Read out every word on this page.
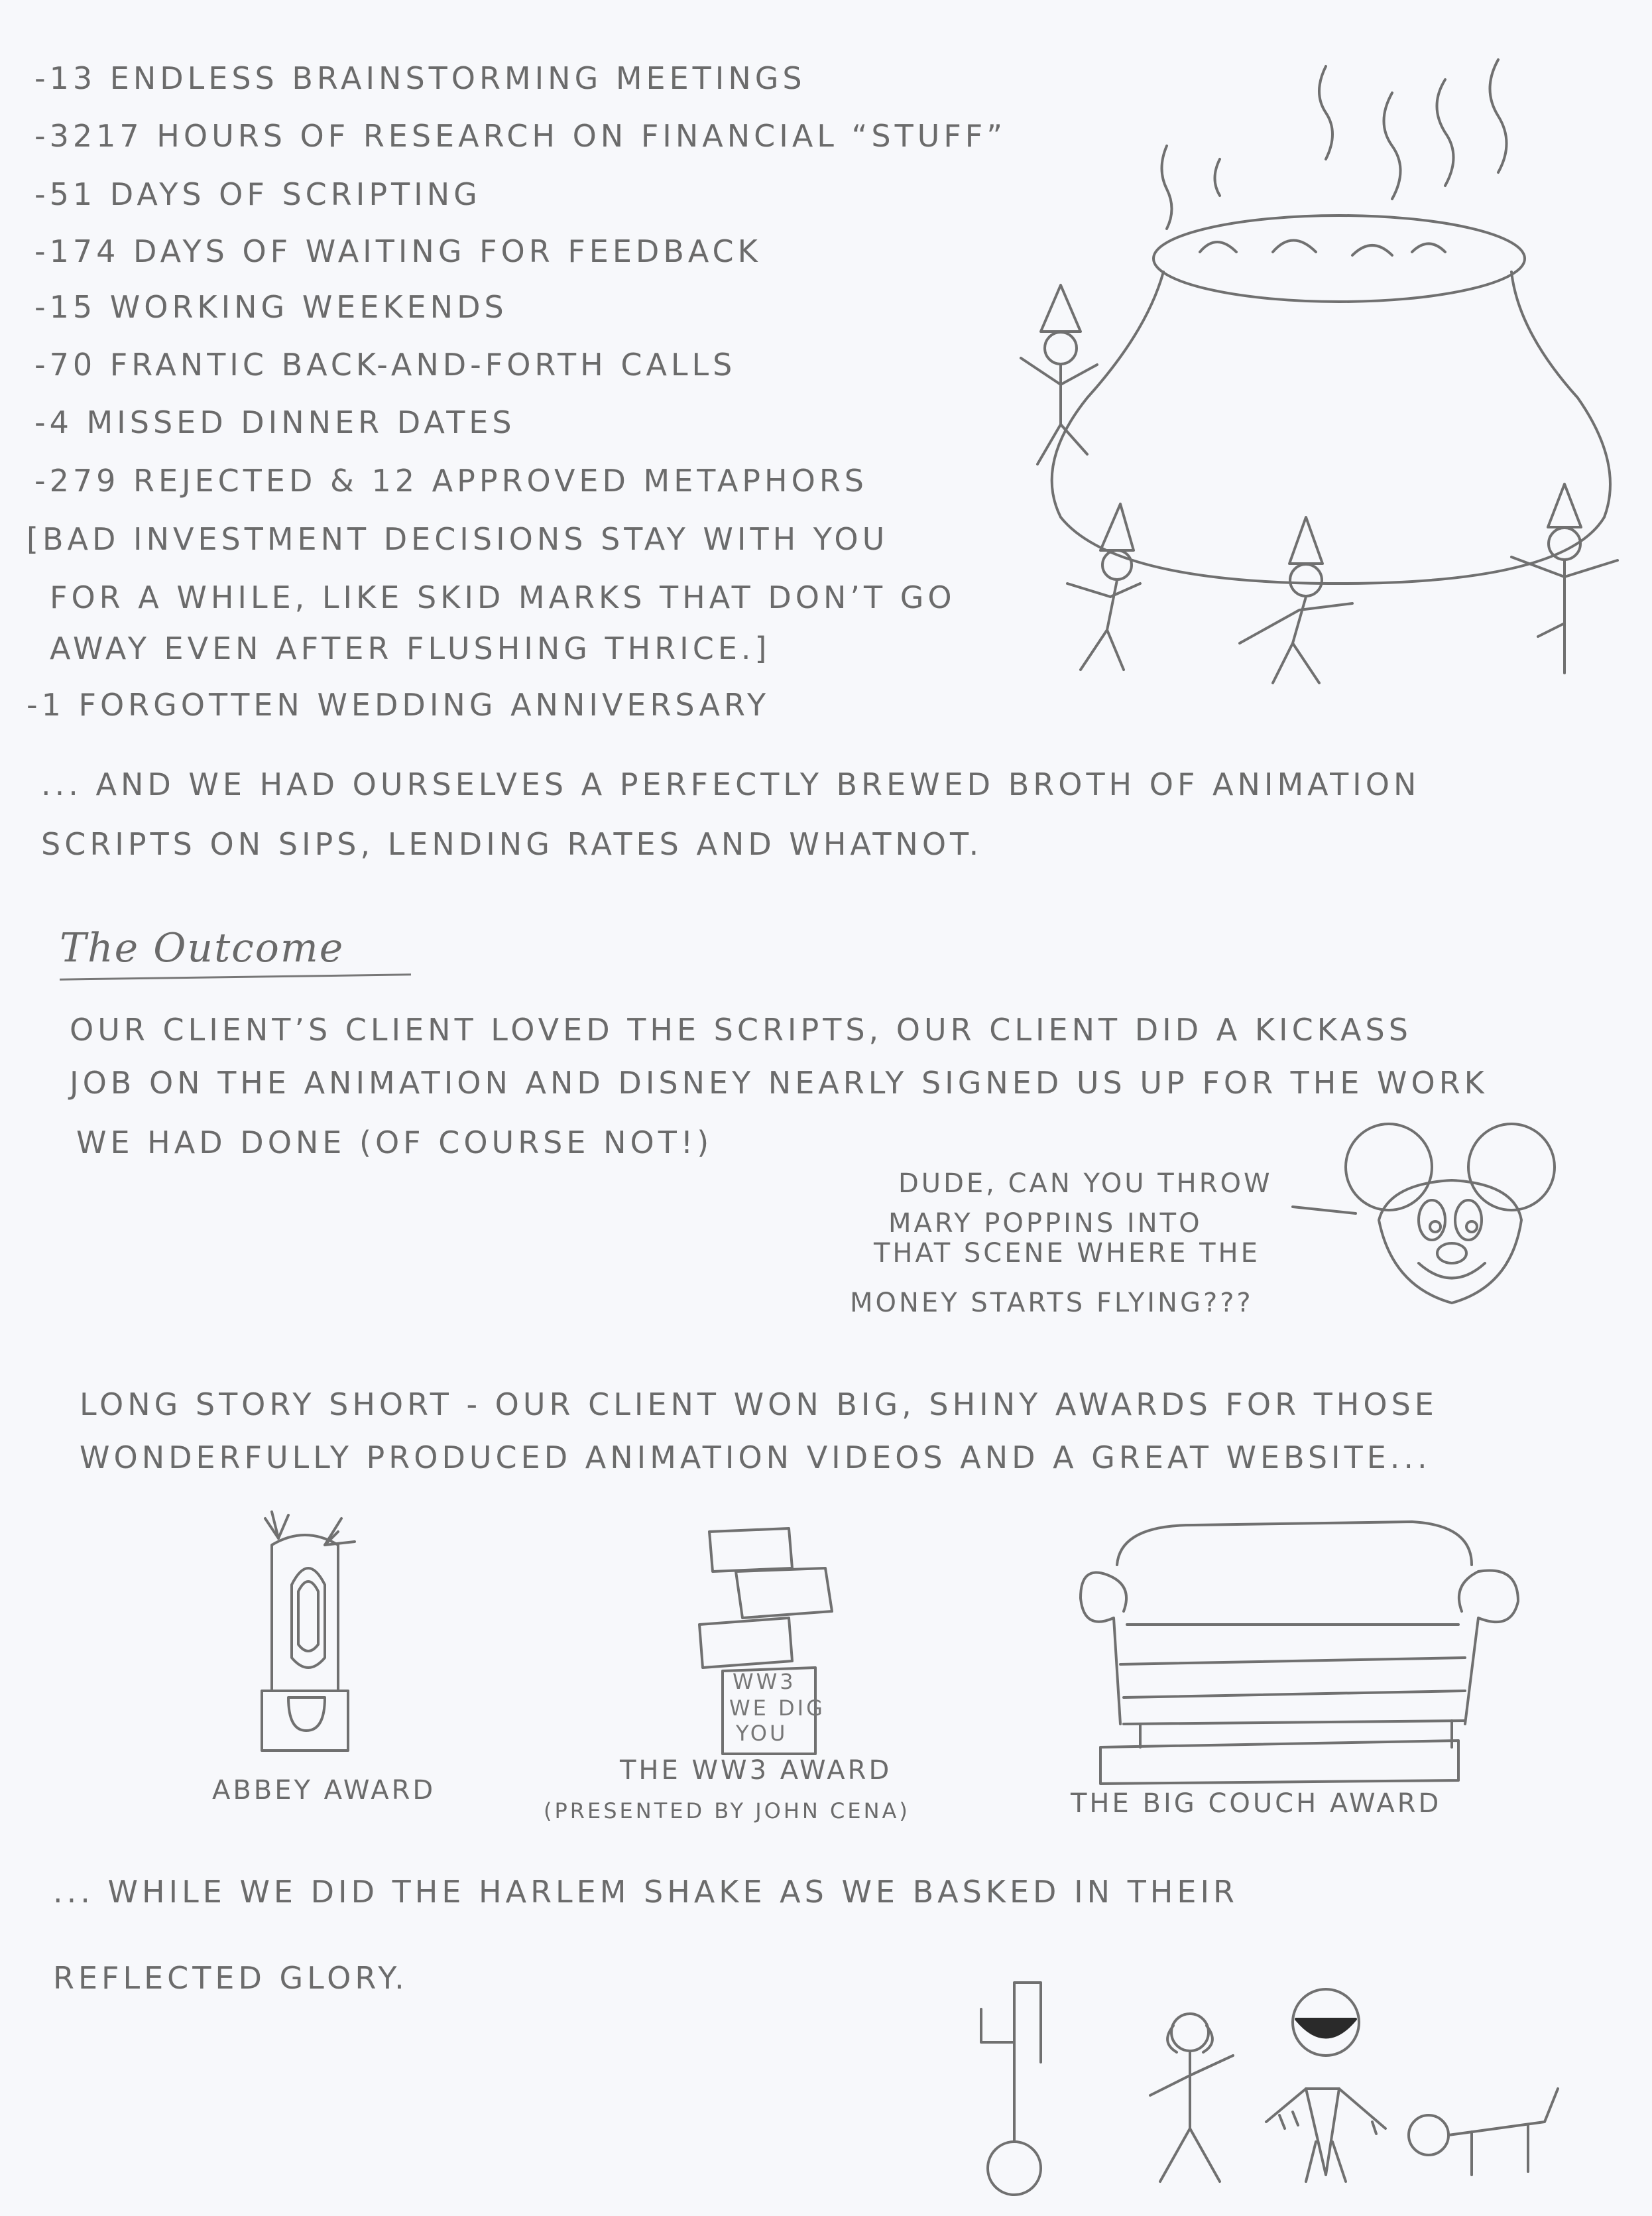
-13 ENDLESS BRAINSTORMING MEETINGS
-3217 HOURS OF RESEARCH ON FINANCIAL “STUFF”
-51 DAYS OF SCRIPTING
-174 DAYS OF WAITING FOR FEEDBACK
-15 WORKING WEEKENDS
-70 FRANTIC BACK-AND-FORTH CALLS
-4 MISSED DINNER DATES
-279 REJECTED & 12 APPROVED METAPHORS
[BAD INVESTMENT DECISIONS STAY WITH YOU
FOR A WHILE, LIKE SKID MARKS THAT DON’T GO
AWAY EVEN AFTER FLUSHING THRICE.]
-1 FORGOTTEN WEDDING ANNIVERSARY
... AND WE HAD OURSELVES A PERFECTLY BREWED BROTH OF ANIMATION
SCRIPTS ON SIPS, LENDING RATES AND WHATNOT.
The Outcome
OUR CLIENT’S CLIENT LOVED THE SCRIPTS, OUR CLIENT DID A KICKASS
JOB ON THE ANIMATION AND DISNEY NEARLY SIGNED US UP FOR THE WORK
WE HAD DONE (OF COURSE NOT!)
DUDE, CAN YOU THROW
MARY POPPINS INTO
THAT SCENE WHERE THE
MONEY STARTS FLYING???
LONG STORY SHORT - OUR CLIENT WON BIG, SHINY AWARDS FOR THOSE
WONDERFULLY PRODUCED ANIMATION VIDEOS AND A GREAT WEBSITE...
ABBEY AWARD
WW3
WE DIG
YOU
THE WW3 AWARD
(PRESENTED BY JOHN CENA)	THE BIG COUCH AWARD
... WHILE WE DID THE HARLEM SHAKE AS WE BASKED IN THEIR
REFLECTED GLORY.
